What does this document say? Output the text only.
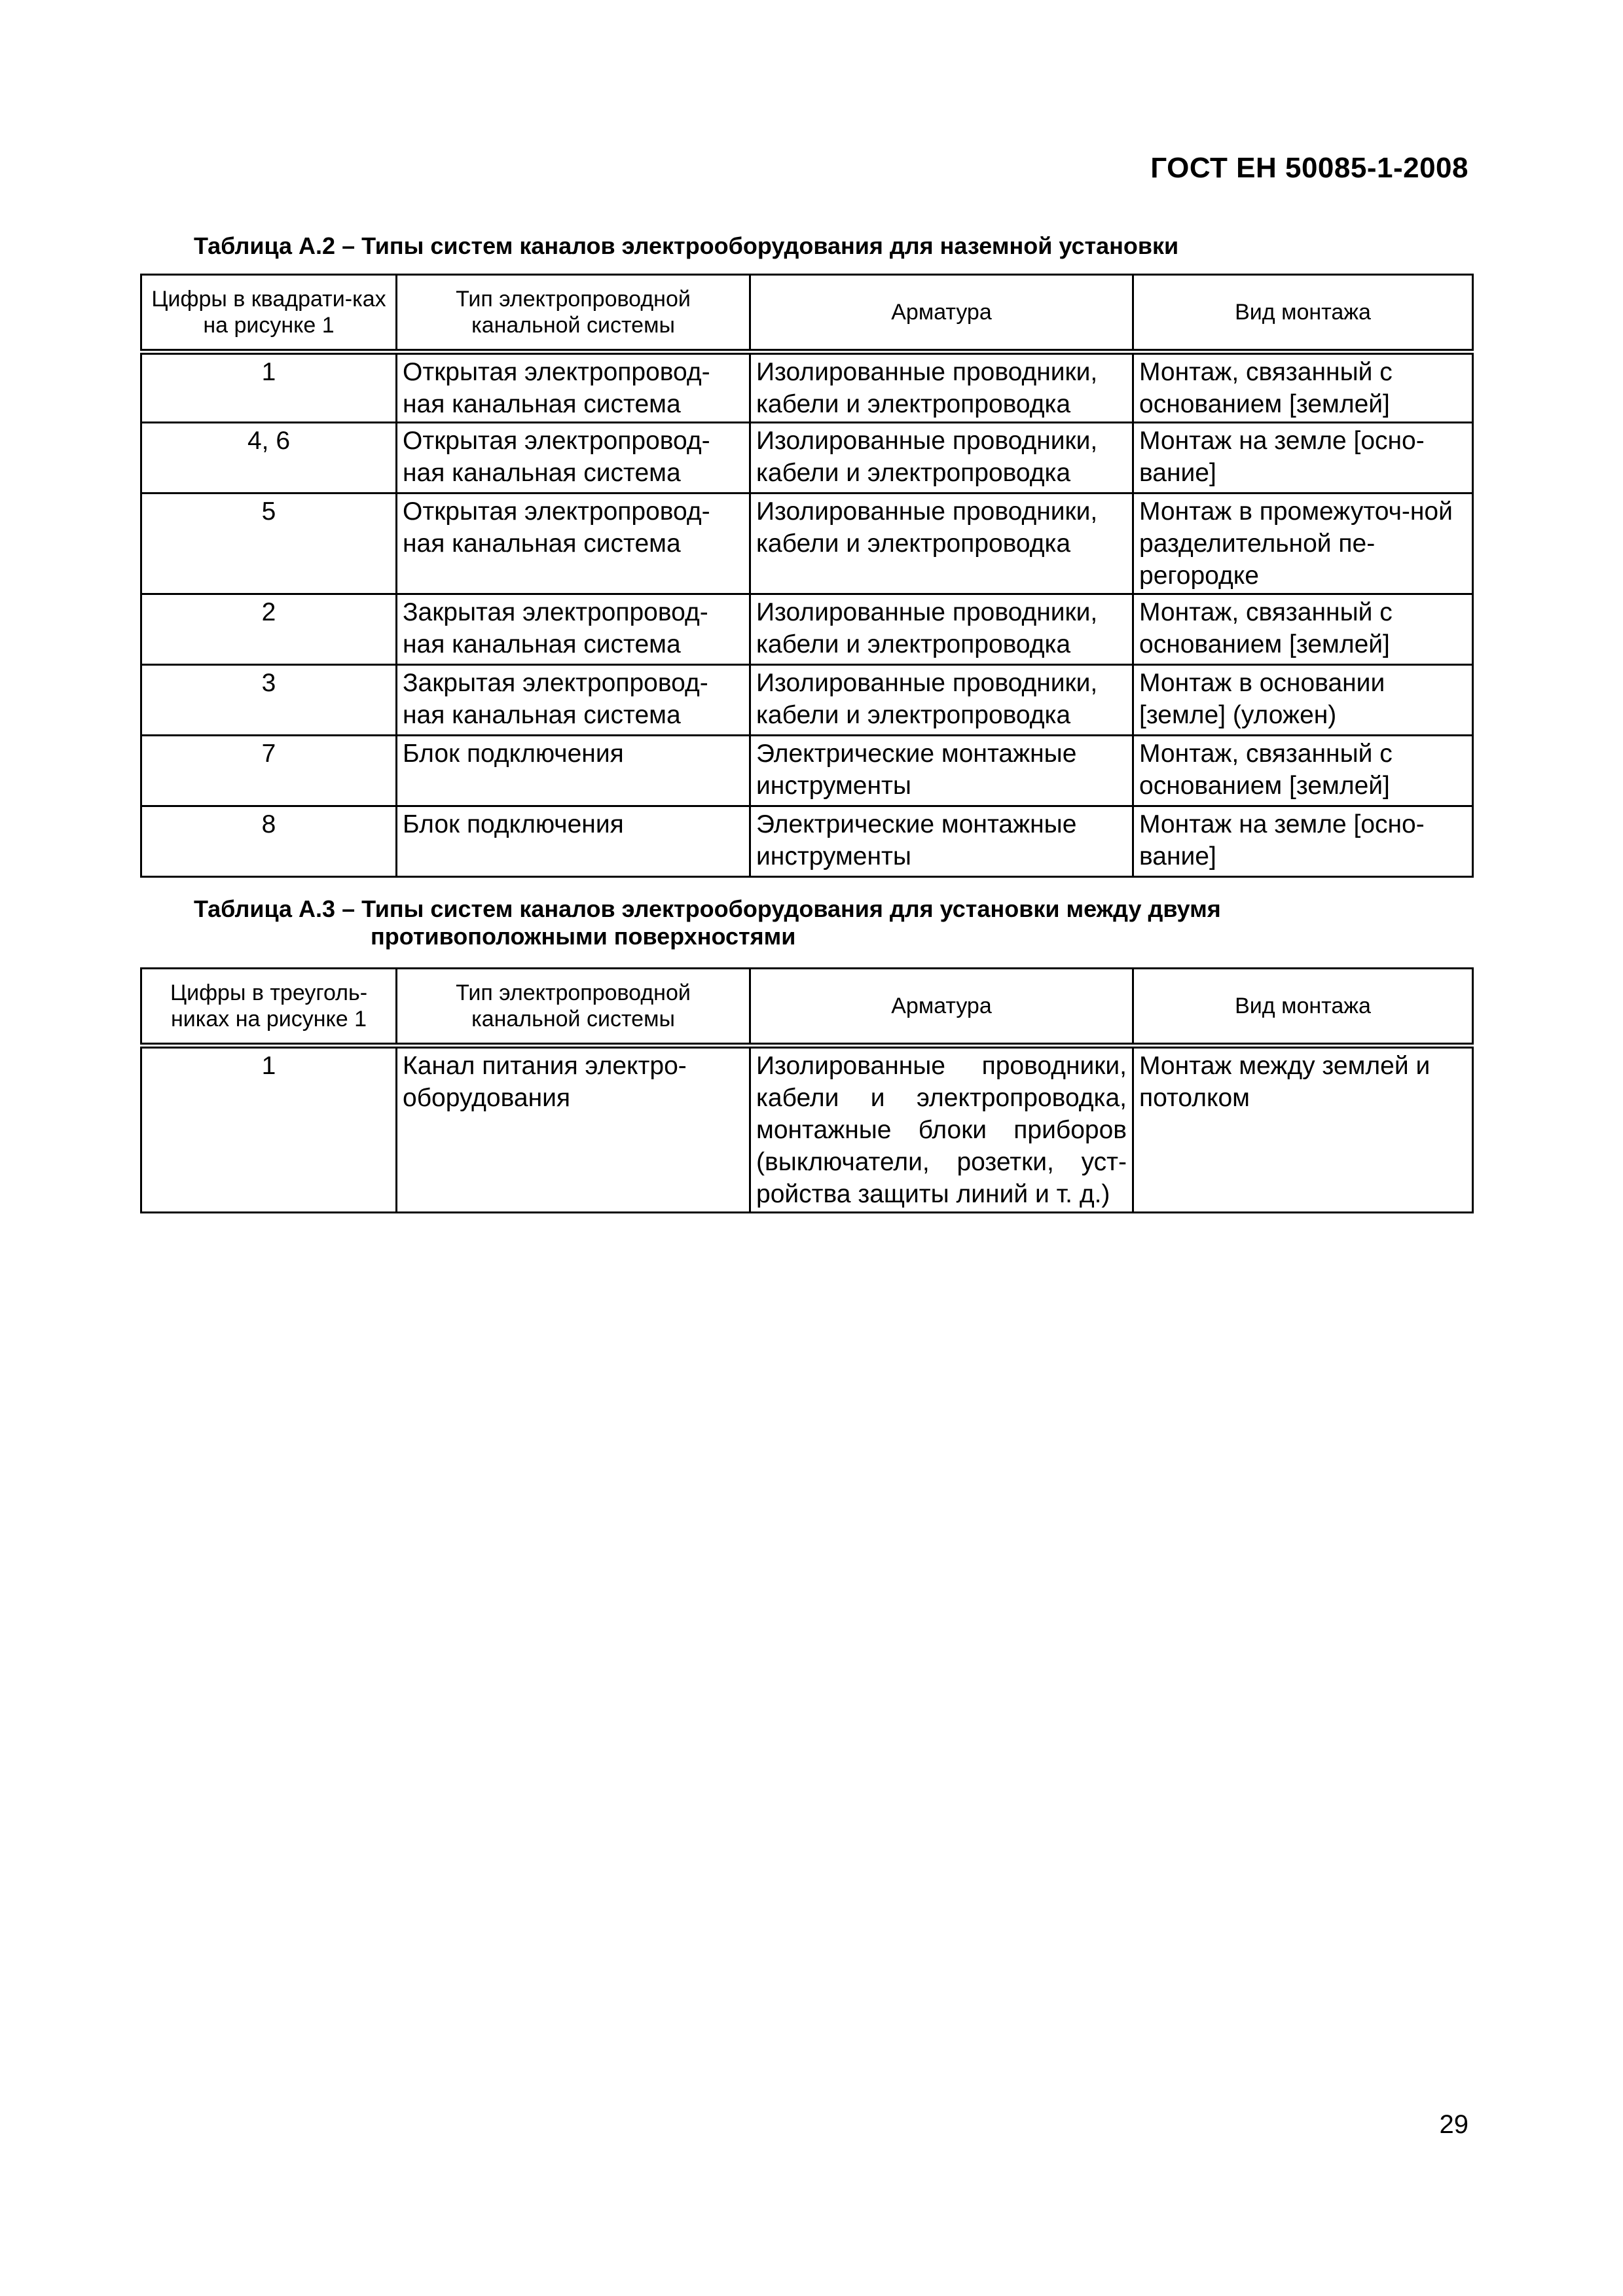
ГОСТ ЕН 50085-1-2008
Таблица А.2 – Типы систем каналов электрооборудования для наземной установки
Цифры в квадрати-ках на рисунке 1	Тип электропроводной канальной системы	Арматура	Вид монтажа
1	Открытая электропровод-ная канальная система	Изолированные проводники, кабели и электропроводка	Монтаж, связанный с основанием [землей]
4, 6	Открытая электропровод-ная канальная система	Изолированные проводники, кабели и электропроводка	Монтаж на земле [осно-вание]
5	Открытая электропровод-ная канальная система	Изолированные проводники, кабели и электропроводка	Монтаж в промежуточ-ной разделительной пе-регородке
2	Закрытая электропровод-ная канальная система	Изолированные проводники, кабели и электропроводка	Монтаж, связанный с основанием [землей]
3	Закрытая электропровод-ная канальная система	Изолированные проводники, кабели и электропроводка	Монтаж в основании [земле] (уложен)
7	Блок подключения	Электрические монтажные инструменты	Монтаж, связанный с основанием [землей]
8	Блок подключения	Электрические монтажные инструменты	Монтаж на земле [осно-вание]
Таблица А.3 – Типы систем каналов электрооборудования для установки между двумя
противоположными поверхностями
Цифры в треуголь-никах на рисунке 1	Тип электропроводной канальной системы	Арматура	Вид монтажа
1	Канал питания электро-оборудования	Изолированные проводники, кабели и электропроводка, монтажные блоки приборов (выключатели, розетки, уст-ройства защиты линий и т. д.)	Монтаж между землей и потолком
29
